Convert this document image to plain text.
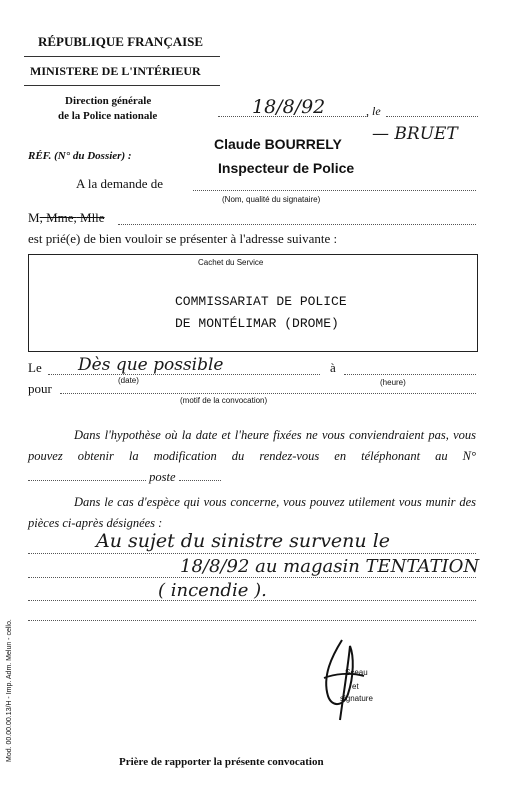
RÉPUBLIQUE FRANÇAISE
MINISTERE DE L'INTÉRIEUR
Direction générale
de la Police nationale	18/8/92	, le
RÉF. (N° du Dossier) :
Claude BOURRELY — BRUET
Inspecteur de Police
A la demande de
(Nom, qualité du signataire)
M, Mme, Mlle
est prié(e) de bien vouloir se présenter à l'adresse suivante :
Cachet du Service
COMMISSARIAT DE POLICE
DE MONTÉLIMAR (DROME)
Le Dès que possible
(date)
à
(heure)
pour
(motif de la convocation)
Dans l'hypothèse où la date et l'heure fixées ne vous conviendraient pas, vous pouvez obtenir la modification du rendez-vous en téléphonant au N°  poste
Dans le cas d'espèce qui vous concerne, vous pouvez utilement vous munir des pièces ci-après désignées :
Au sujet du sinistre survenu le
18/8/92 au magasin TENTATION
( incendie ).
Sceau
et
signature
Prière de rapporter la présente convocation
Mod. 00.00.00.13/H - Imp. Adm. Melun - cello.
